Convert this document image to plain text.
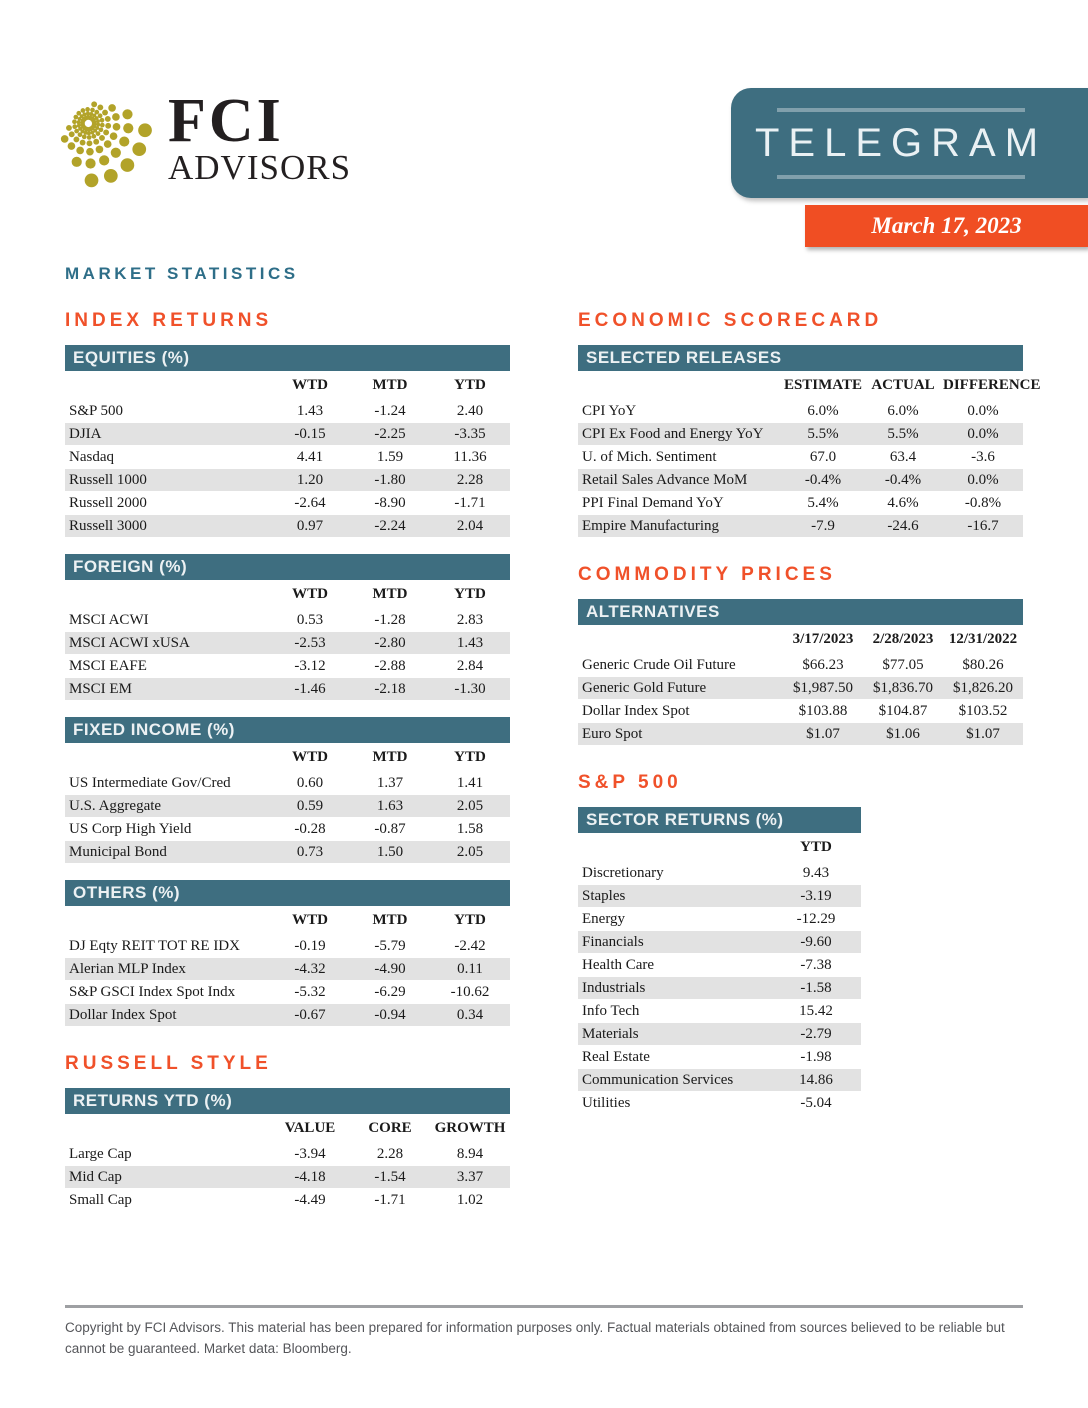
FCI
ADVISORS
TELEGRAM
March 17, 2023
MARKET STATISTICS
INDEX RETURNS
EQUITIES (%)
WTD	MTD	YTD
S&P 500	1.43	-1.24	2.40
DJIA	-0.15	-2.25	-3.35
Nasdaq	4.41	1.59	11.36
Russell 1000	1.20	-1.80	2.28
Russell 2000	-2.64	-8.90	-1.71
Russell 3000	0.97	-2.24	2.04
FOREIGN (%)
WTD	MTD	YTD
MSCI ACWI	0.53	-1.28	2.83
MSCI ACWI xUSA	-2.53	-2.80	1.43
MSCI EAFE	-3.12	-2.88	2.84
MSCI EM	-1.46	-2.18	-1.30
FIXED INCOME (%)
WTD	MTD	YTD
US Intermediate Gov/Cred	0.60	1.37	1.41
U.S. Aggregate	0.59	1.63	2.05
US Corp High Yield	-0.28	-0.87	1.58
Municipal Bond	0.73	1.50	2.05
OTHERS (%)
WTD	MTD	YTD
DJ Eqty REIT TOT RE IDX	-0.19	-5.79	-2.42
Alerian MLP Index	-4.32	-4.90	0.11
S&P GSCI Index Spot Indx	-5.32	-6.29	-10.62
Dollar Index Spot	-0.67	-0.94	0.34
RUSSELL STYLE
RETURNS YTD (%)
VALUE	CORE	GROWTH
Large Cap	-3.94	2.28	8.94
Mid Cap	-4.18	-1.54	3.37
Small Cap	-4.49	-1.71	1.02
ECONOMIC SCORECARD
SELECTED RELEASES
ESTIMATE ACTUAL DIFFERENCE
CPI YoY	6.0%	6.0%	0.0%
CPI Ex Food and Energy YoY	5.5%	5.5%	0.0%
U. of Mich. Sentiment	67.0	63.4	-3.6
Retail Sales Advance MoM	-0.4%	-0.4%	0.0%
PPI Final Demand YoY	5.4%	4.6%	-0.8%
Empire Manufacturing	-7.9	-24.6	-16.7
COMMODITY PRICES
ALTERNATIVES
3/17/2023	2/28/2023	12/31/2022
Generic Crude Oil Future	$66.23	$77.05	$80.26
Generic Gold Future	$1,987.50	$1,836.70	$1,826.20
Dollar Index Spot	$103.88	$104.87	$103.52
Euro Spot	$1.07	$1.06	$1.07
S&P 500
SECTOR RETURNS (%)
YTD
Discretionary	9.43
Staples	-3.19
Energy	-12.29
Financials	-9.60
Health Care	-7.38
Industrials	-1.58
Info Tech	15.42
Materials	-2.79
Real Estate	-1.98
Communication Services	14.86
Utilities	-5.04
Copyright by FCI Advisors. This material has been prepared for information purposes only. Factual materials obtained from sources believed to be reliable but cannot be guaranteed. Market data: Bloomberg.
